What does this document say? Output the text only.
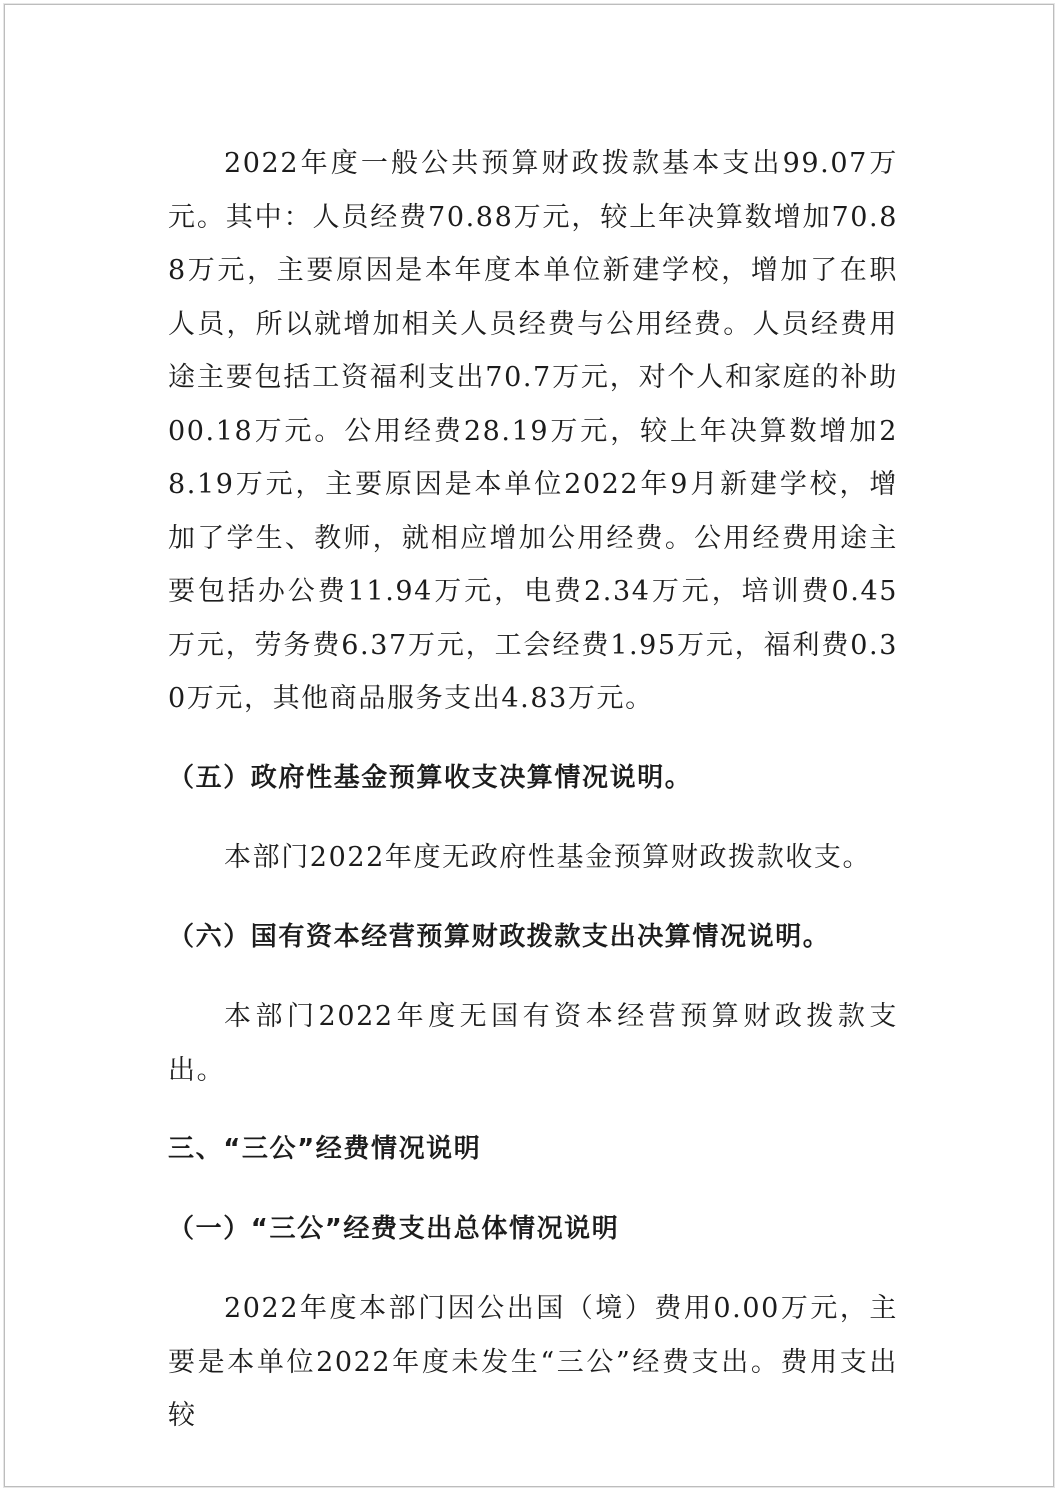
2022年度一般公共预算财政拨款基本支出99.07万元。其中：人员经费70.88万元，较上年决算数增加70.88万元，主要原因是本年度本单位新建学校，增加了在职人员，所以就增加相关人员经费与公用经费。人员经费用途主要包括工资福利支出70.7万元，对个人和家庭的补助00.18万元。公用经费28.19万元，较上年决算数增加28.19万元，主要原因是本单位2022年9月新建学校，增加了学生、教师，就相应增加公用经费。公用经费用途主要包括办公费11.94万元，电费2.34万元，培训费0.45万元，劳务费6.37万元，工会经费1.95万元，福利费0.30万元，其他商品服务支出4.83万元。

（五）政府性基金预算收支决算情况说明。

本部门2022年度无政府性基金预算财政拨款收支。

（六）国有资本经营预算财政拨款支出决算情况说明。

本部门2022年度无国有资本经营预算财政拨款支出。

三、“三公”经费情况说明

（一）“三公”经费支出总体情况说明

2022年度本部门因公出国（境）费用0.00万元，主要是本单位2022年度未发生“三公”经费支出。费用支出较
